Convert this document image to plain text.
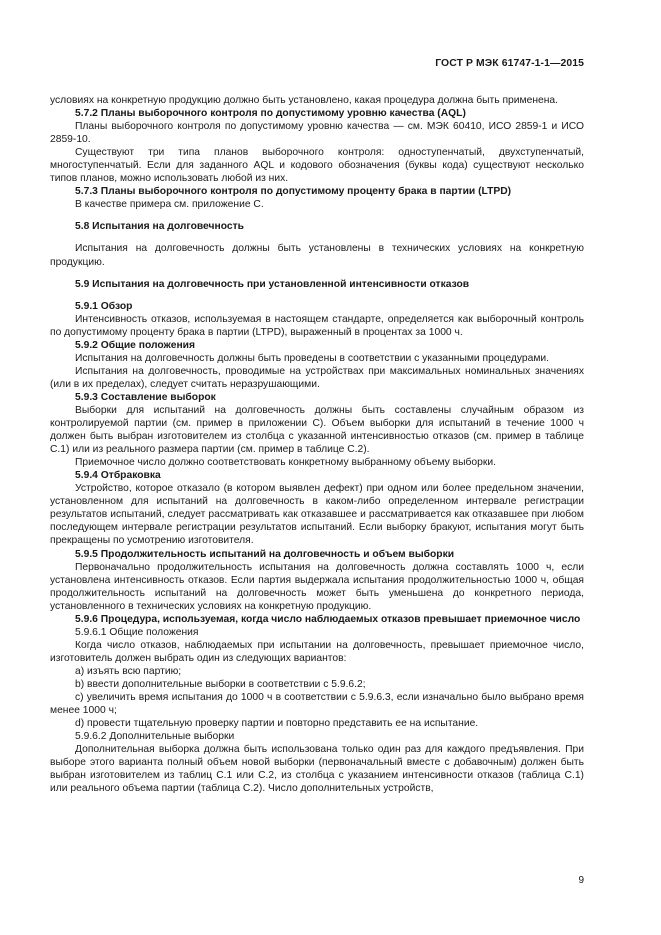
ГОСТ Р МЭК 61747-1-1—2015

условиях на конкретную продукцию должно быть установлено, какая процедура должна быть применена.

5.7.2 Планы выборочного контроля по допустимому уровню качества (AQL)

Планы выборочного контроля по допустимому уровню качества — см. МЭК 60410, ИСО 2859-1 и ИСО 2859-10.

Существуют три типа планов выборочного контроля: одноступенчатый, двухступенчатый, многоступенчатый. Если для заданного AQL и кодового обозначения (буквы кода) существуют несколько типов планов, можно использовать любой из них.

5.7.3 Планы выборочного контроля по допустимому проценту брака в партии (LTPD)

В качестве примера см. приложение С.

5.8 Испытания на долговечность

Испытания на долговечность должны быть установлены в технических условиях на конкретную продукцию.

5.9 Испытания на долговечность при установленной интенсивности отказов

5.9.1 Обзор

Интенсивность отказов, используемая в настоящем стандарте, определяется как выборочный контроль по допустимому проценту брака в партии (LTPD), выраженный в процентах за 1000 ч.

5.9.2 Общие положения

Испытания на долговечность должны быть проведены в соответствии с указанными процедурами.

Испытания на долговечность, проводимые на устройствах при максимальных номинальных значениях (или в их пределах), следует считать неразрушающими.

5.9.3 Составление выборок

Выборки для испытаний на долговечность должны быть составлены случайным образом из контролируемой партии (см. пример в приложении С). Объем выборки для испытаний в течение 1000 ч должен быть выбран изготовителем из столбца с указанной интенсивностью отказов (см. пример в таблице С.1) или из реального размера партии (см. пример в таблице С.2).

Приемочное число должно соответствовать конкретному выбранному объему выборки.

5.9.4 Отбраковка

Устройство, которое отказало (в котором выявлен дефект) при одном или более предельном значении, установленном для испытаний на долговечность в каком-либо определенном интервале регистрации результатов испытаний, следует рассматривать как отказавшее и рассматривается как отказавшее при любом последующем интервале регистрации результатов испытаний. Если выборку бракуют, испытания могут быть прекращены по усмотрению изготовителя.

5.9.5 Продолжительность испытаний на долговечность и объем выборки

Первоначально продолжительность испытания на долговечность должна составлять 1000 ч, если установлена интенсивность отказов. Если партия выдержала испытания продолжительностью 1000 ч, общая продолжительность испытаний на долговечность может быть уменьшена до конкретного периода, установленного в технических условиях на конкретную продукцию.

5.9.6 Процедура, используемая, когда число наблюдаемых отказов превышает приемочное число

5.9.6.1 Общие положения

Когда число отказов, наблюдаемых при испытании на долговечность, превышает приемочное число, изготовитель должен выбрать один из следующих вариантов:

a) изъять всю партию;

b) ввести дополнительные выборки в соответствии с 5.9.6.2;

c) увеличить время испытания до 1000 ч в соответствии с 5.9.6.3, если изначально было выбрано время менее 1000 ч;

d) провести тщательную проверку партии и повторно представить ее на испытание.

5.9.6.2 Дополнительные выборки

Дополнительная выборка должна быть использована только один раз для каждого предъявления. При выборе этого варианта полный объем новой выборки (первоначальный вместе с добавочным) должен быть выбран изготовителем из таблиц С.1 или С.2, из столбца с указанием интенсивности отказов (таблица С.1) или реального объема партии (таблица С.2). Число дополнительных устройств,

9
